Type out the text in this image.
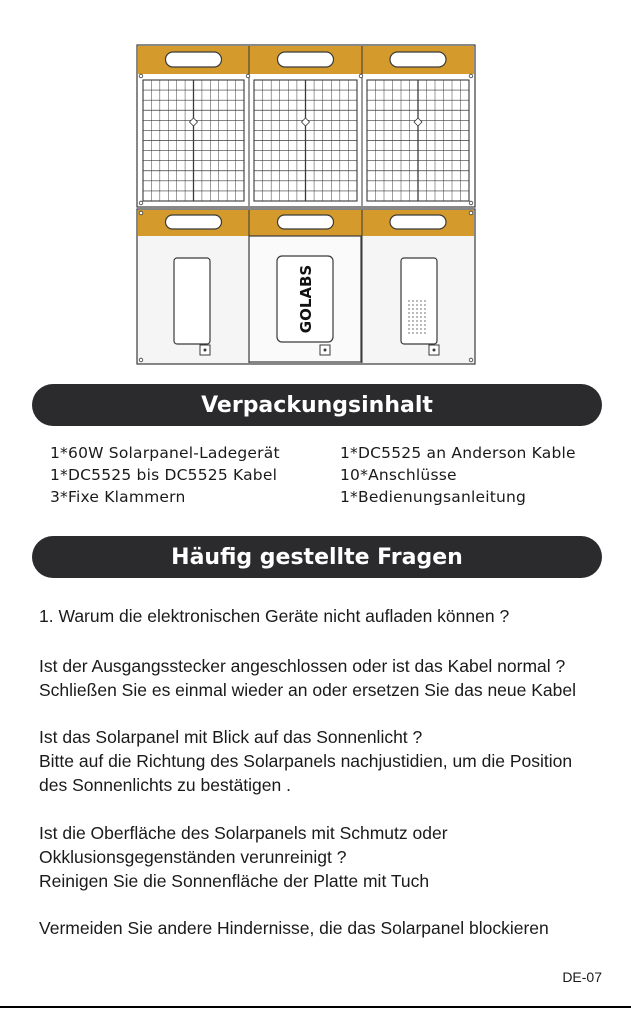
GOLABS
Verpackungsinhalt
1*60W Solarpanel-Ladegerät	1*DC5525 an Anderson Kable
1*DC5525 bis DC5525 Kabel	10*Anschlüsse
3*Fixe Klammern	1*Bedienungsanleitung
Häufig gestellte Fragen

1. Warum die elektronischen Geräte nicht aufladen können ?

Ist der Ausgangsstecker angeschlossen oder ist das Kabel normal ?

Schließen Sie es einmal wieder an oder ersetzen Sie das neue Kabel

Ist das Solarpanel mit Blick auf das Sonnenlicht ?

Bitte auf die Richtung des Solarpanels nachjustidien, um die Position

des Sonnenlichts zu bestätigen .

Ist die Oberfläche des Solarpanels mit Schmutz oder

Okklusionsgegenständen verunreinigt ?

Reinigen Sie die Sonnenfläche der Platte mit Tuch

Vermeiden Sie andere Hindernisse, die das Solarpanel blockieren

DE-07
